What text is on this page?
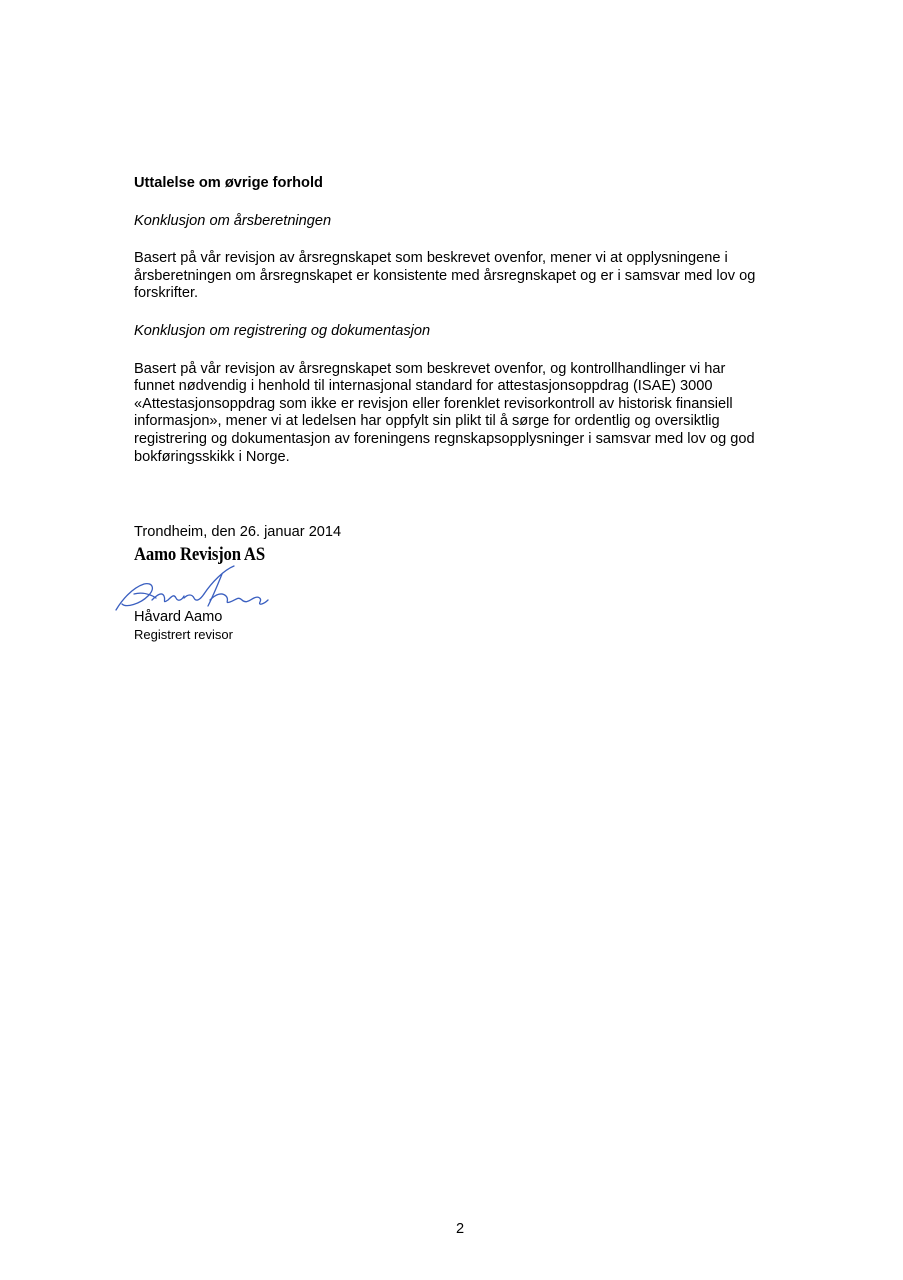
Uttalelse om øvrige forhold

Konklusjon om årsberetningen

Basert på vår revisjon av årsregnskapet som beskrevet ovenfor, mener vi at opplysningene i
årsberetningen om årsregnskapet er konsistente med årsregnskapet og er i samsvar med lov og
forskrifter.

Konklusjon om registrering og dokumentasjon

Basert på vår revisjon av årsregnskapet som beskrevet ovenfor, og kontrollhandlinger vi har
funnet nødvendig i henhold til internasjonal standard for attestasjonsoppdrag (ISAE) 3000
«Attestasjonsoppdrag som ikke er revisjon eller forenklet revisorkontroll av historisk finansiell
informasjon», mener vi at ledelsen har oppfylt sin plikt til å sørge for ordentlig og oversiktlig
registrering og dokumentasjon av foreningens regnskapsopplysninger i samsvar med lov og god
bokføringsskikk i Norge.

Trondheim, den 26. januar 2014

Aamo Revisjon AS

Håvard Aamo

Registrert revisor

2
